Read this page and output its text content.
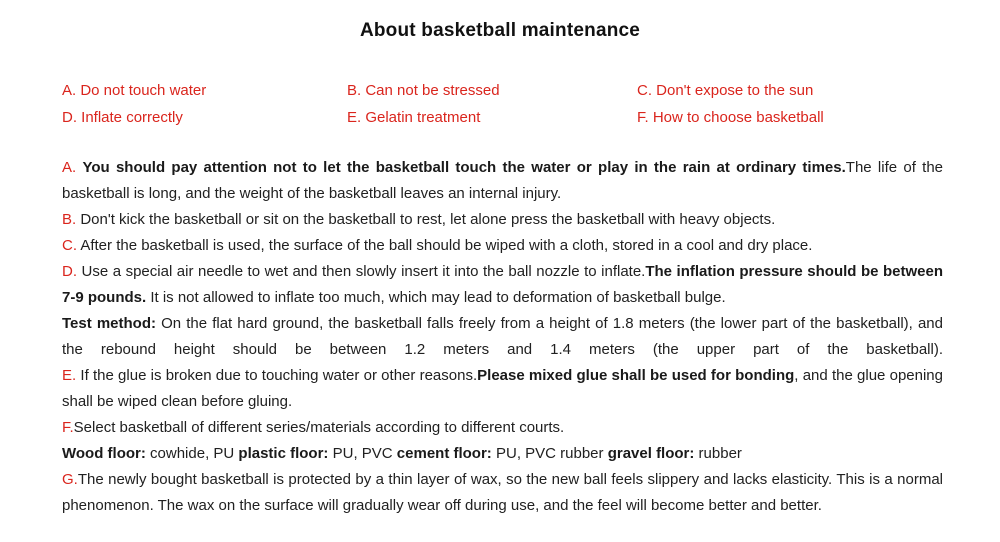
About basketball maintenance
A. Do not touch water	B. Can not be stressed	C. Don't expose to the sun
D. Inflate correctly	E. Gelatin treatment	F. How to choose basketball

A. You should pay attention not to let the basketball touch the water or play in the rain at ordinary times.The life of the basketball is long, and the weight of the basketball leaves an internal injury.

B. Don't kick the basketball or sit on the basketball to rest, let alone press the basketball with heavy objects.

C. After the basketball is used, the surface of the ball should be wiped with a cloth, stored in a cool and dry place.

D. Use a special air needle to wet and then slowly insert it into the ball nozzle to inflate.The inflation pressure should be between 7-9 pounds. It is not allowed to inflate too much, which may lead to deformation of basketball bulge.

Test method: On the flat hard ground, the basketball falls freely from a height of 1.8 meters (the lower part of the basketball), and the rebound height should be between 1.2 meters and 1.4 meters (the upper part of the basketball).

E. If the glue is broken due to touching water or other reasons.Please mixed glue shall be used for bonding, and the glue opening shall be wiped clean before gluing.

F.Select basketball of different series/materials according to different courts.

Wood floor: cowhide, PU plastic floor: PU, PVC cement floor: PU, PVC rubber gravel floor: rubber

G.The newly bought basketball is protected by a thin layer of wax, so the new ball feels slippery and lacks elasticity. This is a normal phenomenon. The wax on the surface will gradually wear off during use, and the feel will become better and better.
